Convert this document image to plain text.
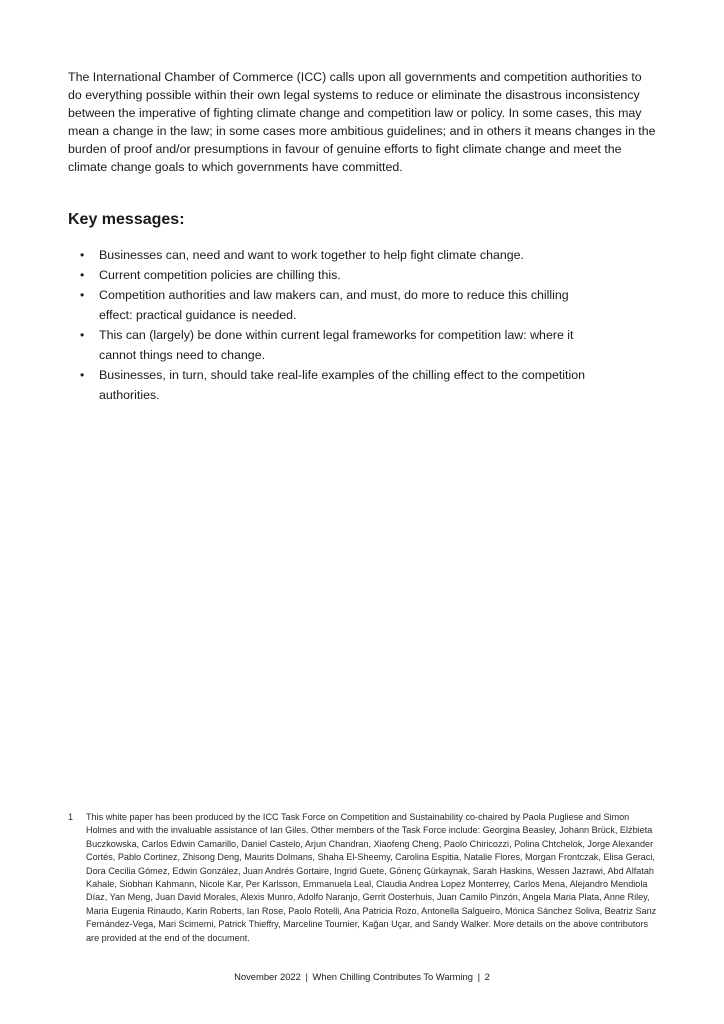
The International Chamber of Commerce (ICC) calls upon all governments and competition authorities to do everything possible within their own legal systems to reduce or eliminate the disastrous inconsistency between the imperative of fighting climate change and competition law or policy. In some cases, this may mean a change in the law; in some cases more ambitious guidelines; and in others it means changes in the burden of proof and/or presumptions in favour of genuine efforts to fight climate change and meet the climate change goals to which governments have committed.

Key messages:
• Businesses can, need and want to work together to help fight climate change.
• Current competition policies are chilling this.
• Competition authorities and law makers can, and must, do more to reduce this chilling effect: practical guidance is needed.
• This can (largely) be done within current legal frameworks for competition law: where it cannot things need to change.
• Businesses, in turn, should take real-life examples of the chilling effect to the competition authorities.
1	This white paper has been produced by the ICC Task Force on Competition and Sustainability co-chaired by Paola Pugliese and Simon Holmes and with the invaluable assistance of Ian Giles. Other members of the Task Force include: Georgina Beasley, Johann Brück, Elżbieta Buczkowska, Carlos Edwin Camarillo, Daniel Castelo, Arjun Chandran, Xiaofeng Cheng, Paolo Chiricozzi, Polina Chtchelok, Jorge Alexander Cortés, Pablo Cortinez, Zhisong Deng, Maurits Dolmans, Shaha El-Sheemy, Carolina Espitia, Natalie Flores, Morgan Frontczak, Elisa Geraci, Dora Cecilia Gómez, Edwin González, Juan Andrés Gortaire, Ingrid Guete, Gönenç Gürkaynak, Sarah Haskins, Wessen Jazrawi, Abd Alfatah Kahale, Siobhan Kahmann, Nicole Kar, Per Karlsson, Emmanuela Leal, Claudia Andrea Lopez Monterrey, Carlos Mena, Alejandro Mendiola Díaz, Yan Meng, Juan David Morales, Alexis Munro, Adolfo Naranjo, Gerrit Oosterhuis, Juan Camilo Pinzón, Angela Maria Plata, Anne Riley, Maria Eugenia Rinaudo, Karin Roberts, Ian Rose, Paolo Rotelli, Ana Patricia Rozo, Antonella Salgueiro, Mónica Sánchez Soliva, Beatriz Sanz Fernández-Vega, Mari Scimemi, Patrick Thieffry, Marceline Tournier, Kağan Uçar, and Sandy Walker. More details on the above contributors are provided at the end of the document.

November 2022 | When Chilling Contributes To Warming | 2
